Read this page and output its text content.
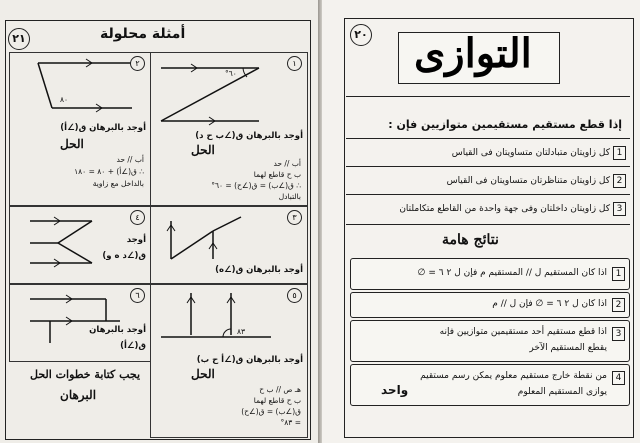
٢١	أمثلة محلولة
١
٦٠°
أوجد بالبرهان ق(∠ب ح د)
الحل
أب // حد
ب ح قاطع لهما
∴ ق(∠ب) = ق(∠ح) = ٦٠°
بالتبادل
٢
٨٠
أوجد بالبرهان ق(∠أ)
الحل
أب // حد
∴ ق(∠أ) + ٨٠ = ١٨٠
بالداخل مع زاوية
٣
أوجد بالبرهان ق(∠ه)
٤
أوجد
ق(∠د ه و)
٥
٨٣
أوجد بالبرهان ق(∠أ ح ب)
الحل
هـ ص // ب ح
ب ح قاطع لهما
ق(∠ب) = ق(∠ح)
= ٨٣°
٦
أوجد بالبرهان
ق(∠أ)
يجب كتابة خطوات الحل
البرهان
٢٠ التوازى
إذا قطع مستقيم مستقيمين متوازيين فإن :
1
كل زاويتان متبادلتان متساويتان فى القياس
2
كل زاويتان متناظرتان متساويتان فى القياس
3
كل زاويتان داخلتان وفى جهة واحدة من القاطع متكاملتان
نتائج هامة
1
اذا كان المستقيم ل // المستقيم م فإن ل ٢ ٦ = ∅
2
اذا كان ل ٢ ٦ = ∅ فإن ل // م
3
اذا قطع مستقيم أحد مستقيمين متوازيين فإنه
يقطع المستقيم الآخر
4
من نقطة خارج مستقيم معلوم يمكن رسم مستقيم
يوازى المستقيم المعلوم
واحد
